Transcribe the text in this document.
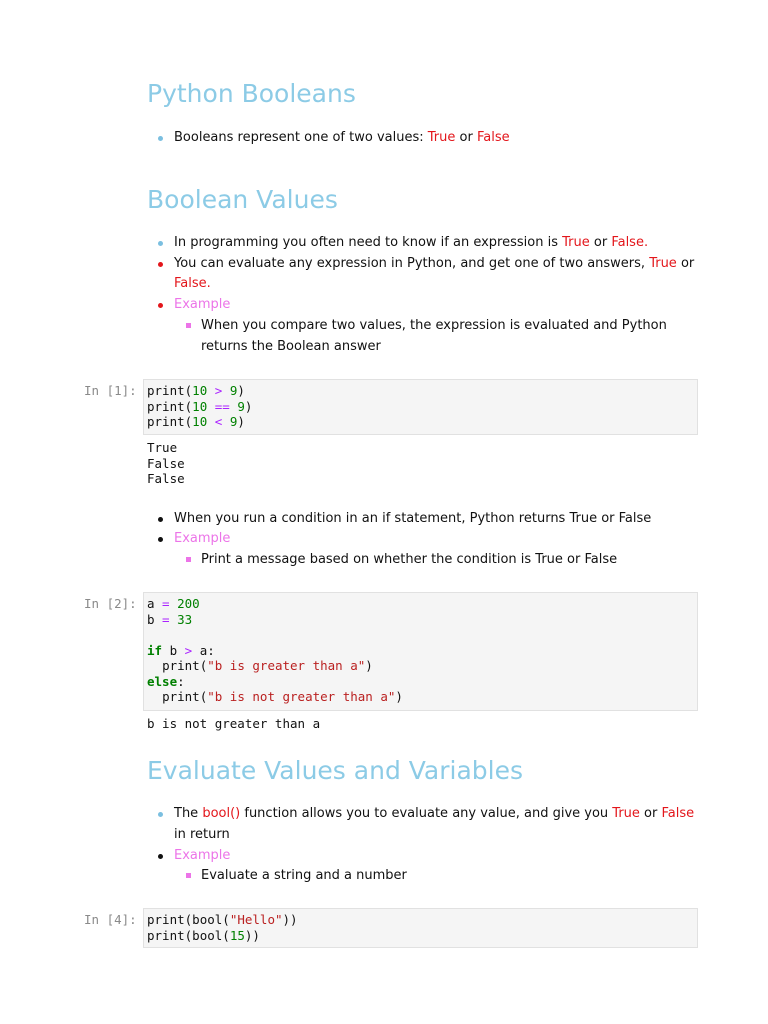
Python Booleans
Booleans represent one of two values: True or False
Boolean Values
In programming you often need to know if an expression is True or False.
You can evaluate any expression in Python, and get one of two answers, True or
False.
Example
When you compare two values, the expression is evaluated and Python
returns the Boolean answer
In [1]: print(10 > 9)
print(10 == 9)
print(10 < 9)
True
False
False
When you run a condition in an if statement, Python returns True or False
Example
Print a message based on whether the condition is True or False
In [2]: a = 200
b = 33
if b > a:
print("b is greater than a")
else:
print("b is not greater than a")
b is not greater than a
Evaluate Values and Variables
The bool() function allows you to evaluate any value, and give you True or False
in return
Example
Evaluate a string and a number
In [4]: print(bool("Hello"))
print(bool(15))
